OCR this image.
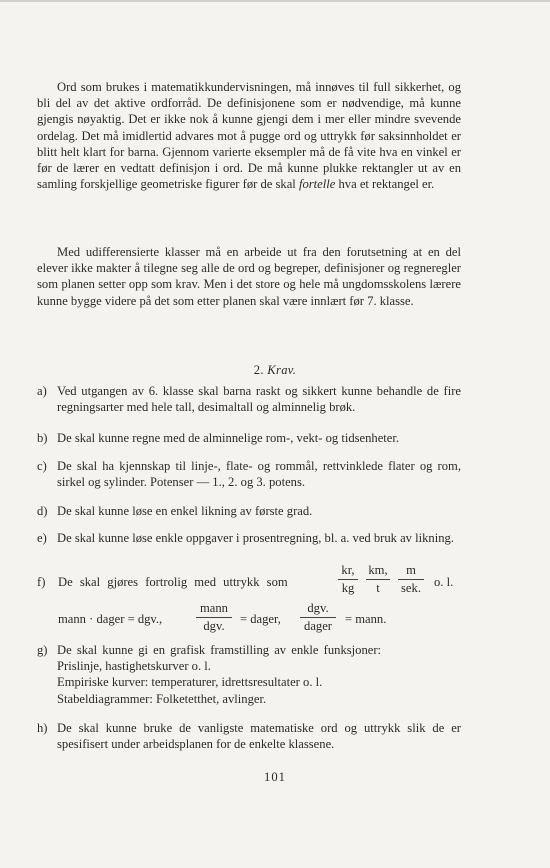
Ord som brukes i matematikkundervisningen, må innøves til full sikkerhet, og bli del av det aktive ordforråd. De definisjonene som er nødvendige, må kunne gjengis nøyaktig. Det er ikke nok å kunne gjengi dem i mer eller mindre svevende ordelag. Det må imidlertid advares mot å pugge ord og uttrykk før saksinnholdet er blitt helt klart for barna. Gjennom varierte eksempler må de få vite hva en vinkel er før de lærer en vedtatt definisjon i ord. De må kunne plukke rektangler ut av en samling forskjellige geometriske figurer før de skal fortelle hva et rektangel er.

Med udifferensierte klasser må en arbeide ut fra den forutsetning at en del elever ikke makter å tilegne seg alle de ord og begreper, definisjoner og regneregler som planen setter opp som krav. Men i det store og hele må ungdomsskolens lærere kunne bygge videre på det som etter planen skal være innlært før 7. klasse.

2. Krav.
a) Ved utgangen av 6. klasse skal barna raskt og sikkert kunne behandle de fire regningsarter med hele tall, desimaltall og alminnelig brøk.
b) De skal kunne regne med de alminnelige rom-, vekt- og tidsenheter.
c) De skal ha kjennskap til linje-, flate- og rommål, rettvinklede flater og rom, sirkel og sylinder. Potenser — 1., 2. og 3. potens.
d) De skal kunne løse en enkel likning av første grad.
e) De skal kunne løse enkle oppgaver i prosentregning, bl. a. ved bruk av likning.
f) De skal gjøres fortrolig med uttrykk som
kr,
kg
km,
t
m
sek. o. l.
mann · dager = dgv.,
mann
dgv.	= dager,
dgv.
dager	= mann.
g) De skal kunne gi en grafisk framstilling av enkle funksjoner:
Prislinje, hastighetskurver o. l.
Empiriske kurver: temperaturer, idrettsresultater o. l.
Stabeldiagrammer: Folketetthet, avlinger.
h) De skal kunne bruke de vanligste matematiske ord og uttrykk slik de er spesifisert under arbeidsplanen for de enkelte klassene.
101
